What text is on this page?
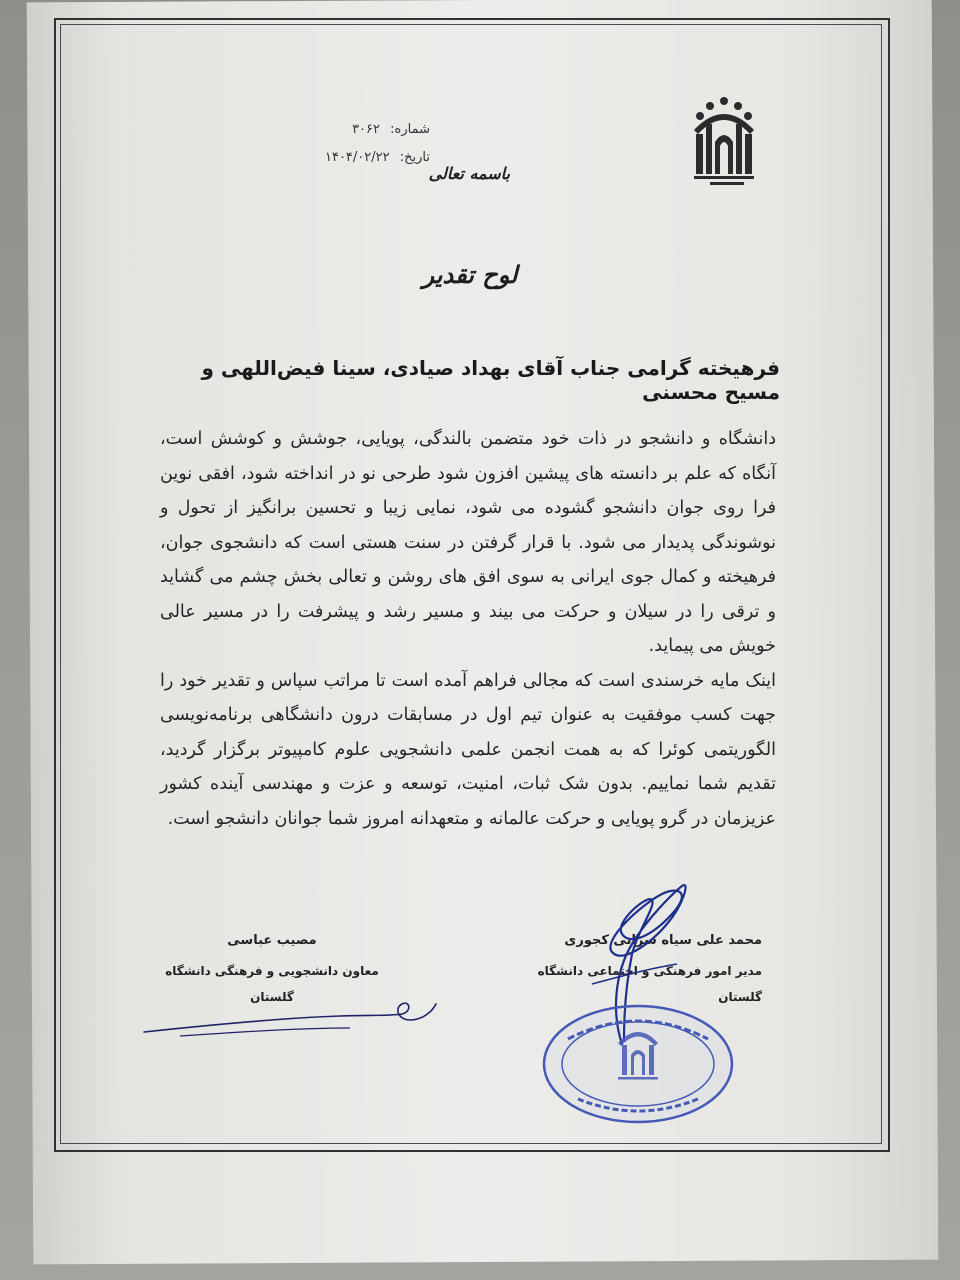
شماره: ۳۰۶۲
تاریخ: ۱۴۰۴/۰۲/۲۲
باسمه تعالی
لوح تقدیر
فرهیخته گرامی جناب آقای بهداد صیادی، سینا فیض‌اللهی و مسیح محسنی

دانشگاه و دانشجو در ذات خود متضمن بالندگی، پویایی، جوشش و کوشش است، آنگاه که علم بر دانسته های پیشین افزون شود طرحی نو در انداخته شود، افقی نوین فرا روی جوان دانشجو گشوده می شود، نمایی زیبا و تحسین برانگیز از تحول و نوشوندگی پدیدار می شود. با قرار گرفتن در سنت هستی است که دانشجوی جوان، فرهیخته و کمال جوی ایرانی به سوی افق های روشن و تعالی بخش چشم می گشاید و ترقی را در سیلان و حرکت می بیند و مسیر رشد و پیشرفت را در مسیر عالی خویش می پیماید.

اینک مایه خرسندی است که مجالی فراهم آمده است تا مراتب سپاس و تقدیر خود را جهت کسب موفقیت به عنوان تیم اول در مسابقات درون دانشگاهی برنامه‌نویسی الگوریتمی کوئرا که به همت انجمن علمی دانشجویی علوم کامپیوتر برگزار گردید، تقدیم شما نماییم. بدون شک ثبات، امنیت، توسعه و عزت و مهندسی آینده کشور عزیزمان در گرو پویایی و حرکت عالمانه و متعهدانه امروز شما جوانان دانشجو است.

محمد علی سیاه سرانی کجوری
مدیر امور فرهنگی و اجتماعی دانشگاه گلستان
مصیب عباسی
معاون دانشجویی و فرهنگی دانشگاه گلستان
